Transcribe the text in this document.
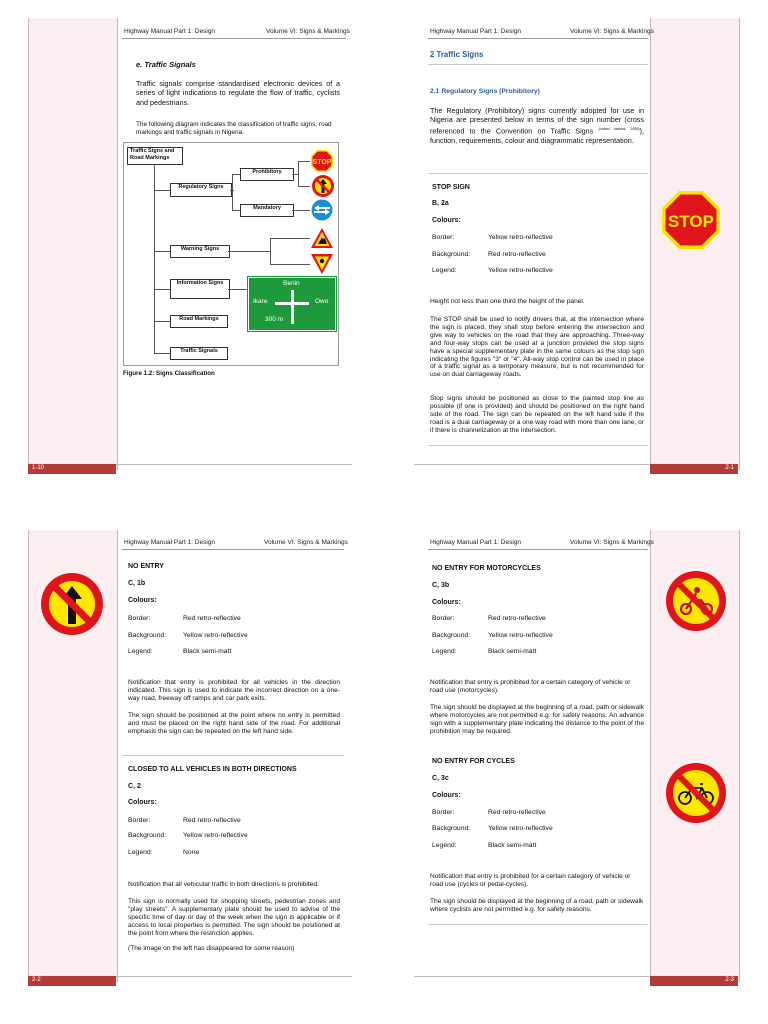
Highway Manual Part 1: Design	Volume VI: Signs & Markings
e. Traffic Signals
Traffic signals comprise standardised electronic devices of a series of light indications to regulate the flow of traffic, cyclists and pedestrians.
The following diagram indicates the classification of traffic signs, road markings and traffic signals in Nigeria.
Traffic Signs and Road Markings
Regulatory Signs
Prohibitory
Mandatory
STOP
Warning Signs
Information Signs	Benin
Ikare	Owo
300 m
Road Markings
Traffic Signals
Figure 1.2: Signs Classification
1-10
Highway Manual Part 1: Design	Volume VI: Signs & Markings
2 Traffic Signs
2.1 Regulatory Signs (Prohibitory)
The Regulatory (Prohibitory) signs currently adopted for use in Nigeria are presented below in terms of the sign number (cross referenced to the Convention on Traffic Signs $^{(united nations, 2006)}$), function, requirements, colour and diagrammatic representation.
STOP SIGN
B, 2a
Colours:
Border:	Yellow retro-reflective
Background:	Red retro-reflective
Legend:	Yellow retro-reflective
Height not less than one third the height of the panel.
The STOP shall be used to notify drivers that, at the intersection where the sign is placed, they shall stop before entering the intersection and give way to vehicles on the road that they are approaching. Three-way and four-way stops can be used at a junction provided the stop signs have a special supplementary plate in the same colours as the stop sign indicating the figures "3" or "4". All-way stop control can be used in place of a traffic signal as a temporary measure, but is not recommended for use on dual carriageway roads.
Stop signs should be positioned as close to the painted stop line as possible (if one is provided) and should be positioned on the right hand side of the road. The sign can be repeated on the left hand side if the road is a dual carriageway or a one way road with more than one lane, or if there is channelization at the intersection.
STOP
2-1
Highway Manual Part 1: Design	Volume VI: Signs & Markings
NO ENTRY
C, 1b
Colours:
Border:	Red retro-reflective
Background: Yellow retro-reflective
Legend:	Black semi-matt
Notification that entry is prohibited for all vehicles in the direction indicated. This sign is used to indicate the incorrect direction on a one-way road, freeway off ramps and car park exits.
The sign should be positioned at the point where no entry is permitted and must be placed on the right hand side of the road. For additional emphasis the sign can be repeated on the left hand side.
CLOSED TO ALL VEHICLES IN BOTH DIRECTIONS
C, 2
Colours:
Border:	Red retro-reflective
Background: Yellow retro-reflective
Legend:	None
Notification that all vehicular traffic in both directions is prohibited.
This sign is normally used for shopping streets, pedestrian zones and "play streets". A supplementary plate should be used to advise of the specific time of day or day of the week when the sign is applicable or if access to local properties is permitted. The sign should be positioned at the point from where the restriction applies.
(The image on the left has disappeared for some reason)
2-2
Highway Manual Part 1: Design	Volume VI: Signs & Markings
NO ENTRY FOR MOTORCYCLES
C, 3b
Colours:
Border:	Red retro-reflective
Background:	Yellow retro-reflective
Legend:	Black semi-matt
Notification that entry is prohibited for a certain category of vehicle or road use (motorcycles).
The sign should be displayed at the beginning of a road, path or sidewalk where motorcycles are not permitted e.g. for safety reasons. An advance sign with a supplementary plate indicating the distance to the point of the prohibition may be required.
NO ENTRY FOR CYCLES
C, 3c
Colours:
Border:	Red retro-reflective
Background:	Yellow retro-reflective
Legend:	Black semi-matt
Notification that entry is prohibited for a certain category of vehicle or road use (cycles or pedal-cycles).
The sign should be displayed at the beginning of a road, path or sidewalk where cyclists are not permitted e.g. for safety reasons.
2-3
